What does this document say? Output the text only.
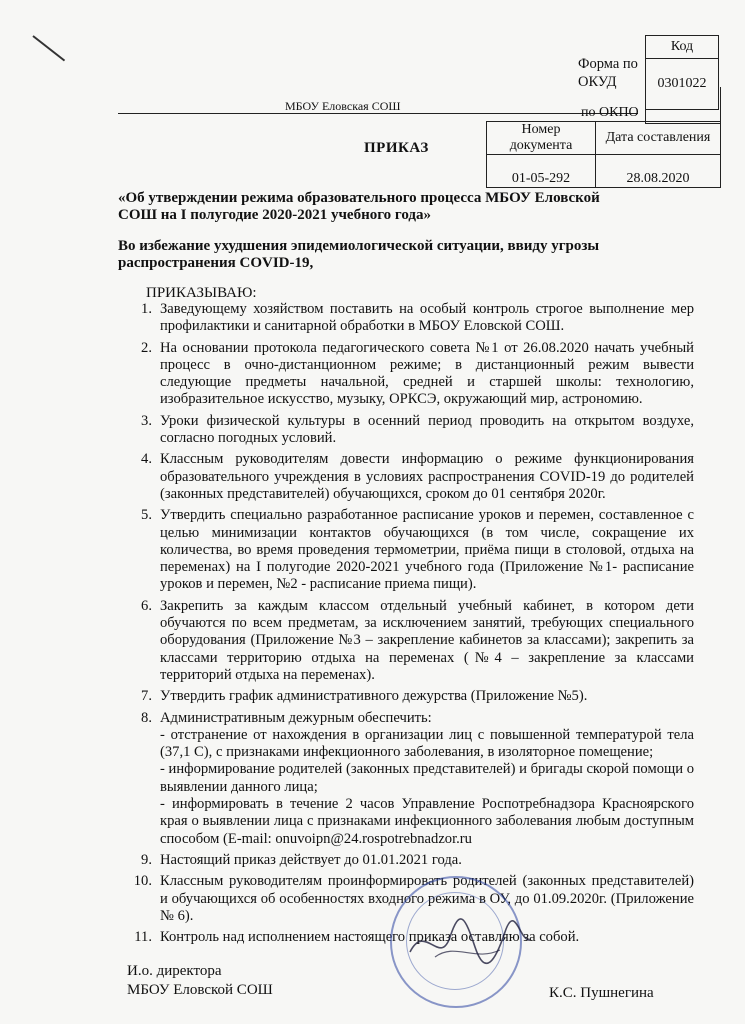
Форма по ОКУД
Код
0301022
МБОУ Еловская СОШ	по ОКПО
Номер документа	Дата составления
01-05-292	28.08.2020
ПРИКАЗ
«Об утверждении режима образовательного процесса МБОУ Еловской СОШ на I полугодие 2020-2021 учебного года»
Во избежание ухудшения эпидемиологической ситуации, ввиду угрозы распространения COVID-19,
ПРИКАЗЫВАЮ:
1. Заведующему хозяйством поставить на особый контроль строгое выполнение мер профилактики и санитарной обработки в МБОУ Еловской СОШ.
2. На основании протокола педагогического совета №1 от 26.08.2020 начать учебный процесс в очно-дистанционном режиме; в дистанционный режим вывести следующие предметы начальной, средней и старшей школы: технологию, изобразительное искусство, музыку, ОРКСЭ, окружающий мир, астрономию.
3. Уроки физической культуры в осенний период проводить на открытом воздухе, согласно погодных условий.
4. Классным руководителям довести информацию о режиме функционирования образовательного учреждения в условиях распространения COVID-19 до родителей (законных представителей) обучающихся, сроком до 01 сентября 2020г.
5. Утвердить специально разработанное расписание уроков и перемен, составленное с целью минимизации контактов обучающихся (в том числе, сокращение их количества, во время проведения термометрии, приёма пищи в столовой, отдыха на переменах) на I полугодие 2020-2021 учебного года (Приложение №1- расписание уроков и перемен, №2 - расписание приема пищи).
6. Закрепить за каждым классом отдельный учебный кабинет, в котором дети обучаются по всем предметам, за исключением занятий, требующих специального оборудования (Приложение №3 – закрепление кабинетов за классами); закрепить за классами территорию отдыха на переменах (№4 – закрепление за классами территорий отдыха на переменах).
7. Утвердить график административного дежурства (Приложение №5).
8. Административным дежурным обеспечить:

- отстранение от нахождения в организации лиц с повышенной температурой тела (37,1 С), с признаками инфекционного заболевания, в изоляторное помещение;

- информирование родителей (законных представителей) и бригады скорой помощи о выявлении данного лица;

- информировать в течение 2 часов Управление Роспотребнадзора Красноярского края о выявлении лица с признаками инфекционного заболевания любым доступным способом (E-mail: onuvoipn@24.rospotrebnadzor.ru

9. Настоящий приказ действует до 01.01.2021 года.
10. Классным руководителям проинформировать родителей (законных представителей) и обучающихся об особенностях входного режима в ОУ, до 01.09.2020г. (Приложение № 6).
11. Контроль над исполнением настоящего приказа оставляю за собой.
И.о. директора
МБОУ Еловской СОШ	К.С. Пушнегина
